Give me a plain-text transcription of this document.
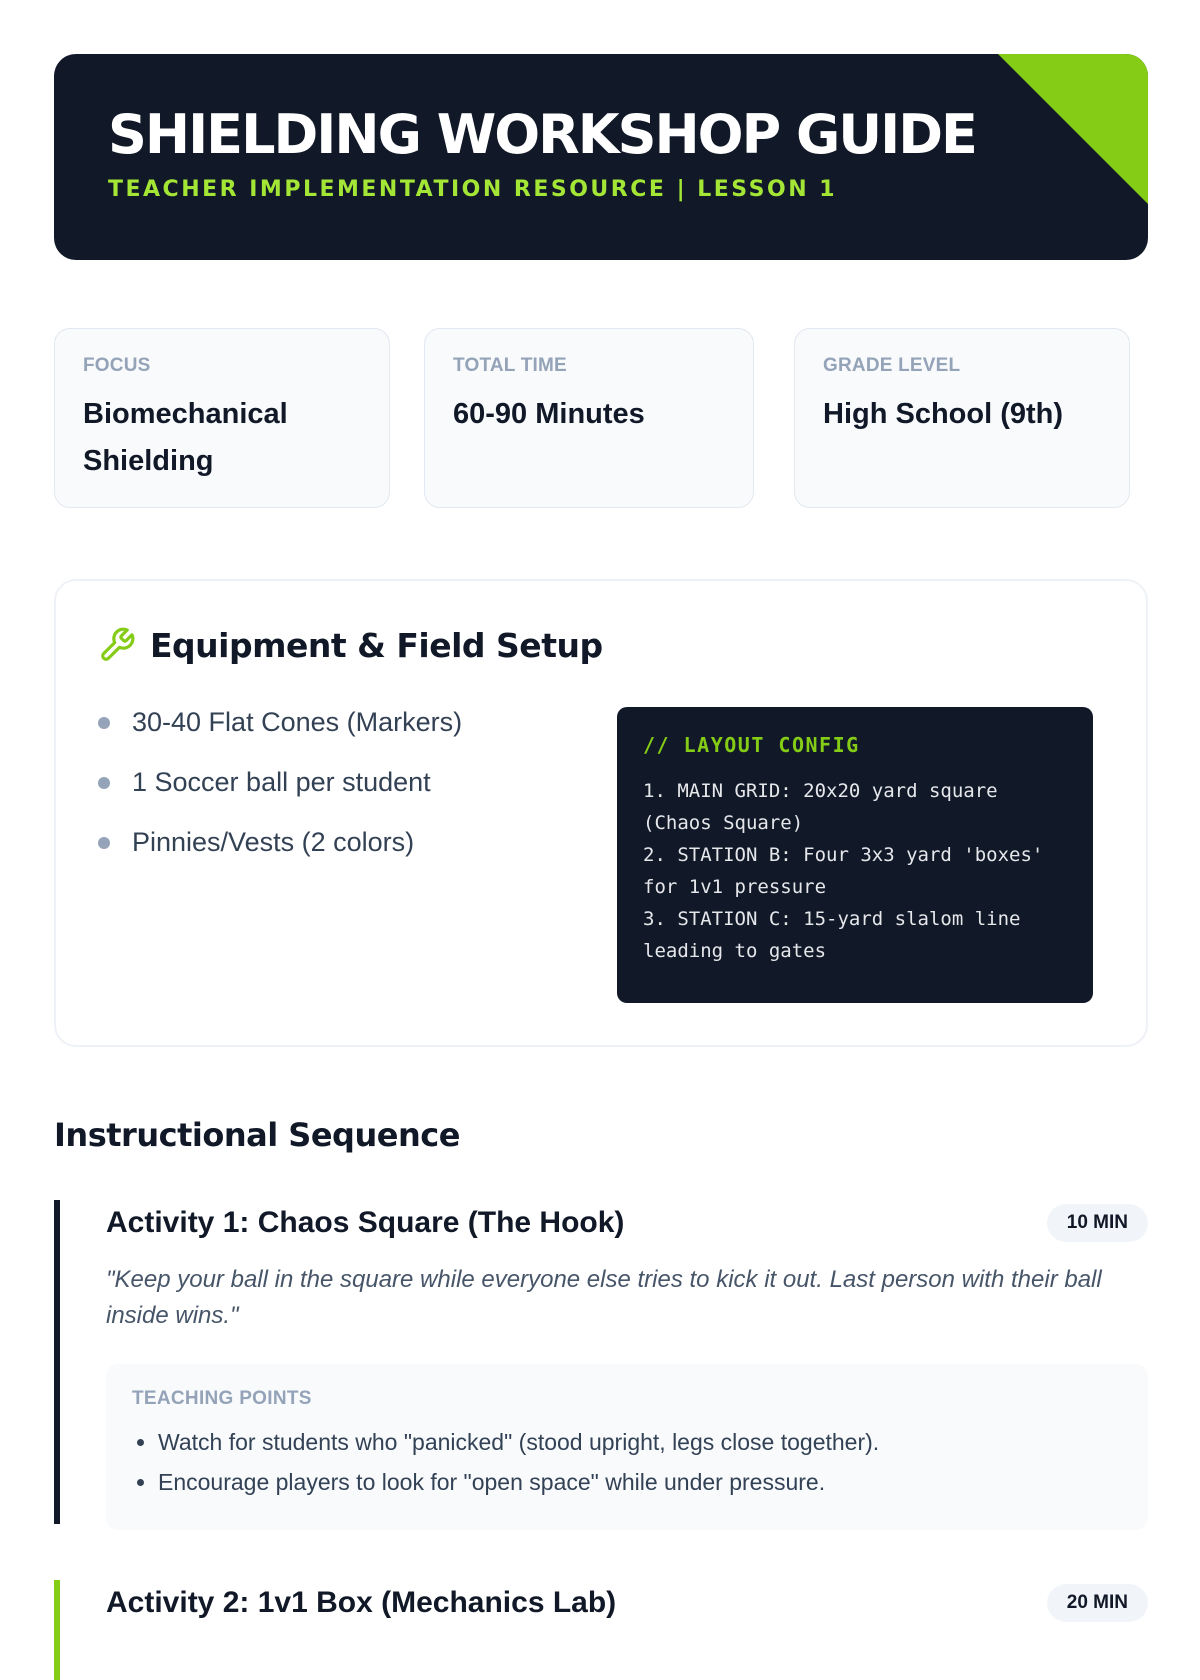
SHIELDING WORKSHOP GUIDE
TEACHER IMPLEMENTATION RESOURCE | LESSON 1
FOCUS
Biomechanical Shielding
TOTAL TIME
60-90 Minutes
GRADE LEVEL
High School (9th)
Equipment & Field Setup
30-40 Flat Cones (Markers)
1 Soccer ball per student
Pinnies/Vests (2 colors)
// LAYOUT CONFIG
1. MAIN GRID: 20x20 yard square
(Chaos Square)
2. STATION B: Four 3x3 yard 'boxes'
for 1v1 pressure
3. STATION C: 15-yard slalom line
leading to gates
Instructional Sequence
Activity 1: Chaos Square (The Hook)	10 MIN
"Keep your ball in the square while everyone else tries to kick it out. Last person with their ball inside wins."
TEACHING POINTS
• Watch for students who "panicked" (stood upright, legs close together).
• Encourage players to look for "open space" while under pressure.
Activity 2: 1v1 Box (Mechanics Lab)	20 MIN
